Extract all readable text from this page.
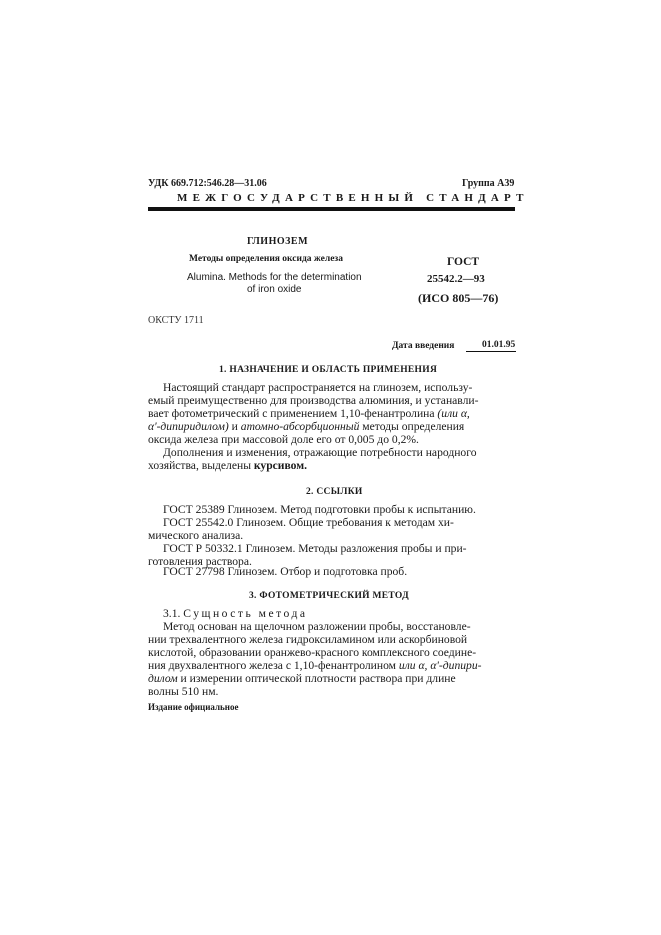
УДК 669.712:546.28—31.06	Группа А39
МЕЖГОСУДАРСТВЕННЫЙ СТАНДАРТ
ГЛИНОЗЕМ
Методы определения оксида железа
Alumina. Methods for the determination
of iron oxide
ГОСТ
25542.2—93
(ИСО 805—76)
ОКСТУ 1711
Дата введения	01.01.95
1. НАЗНАЧЕНИЕ И ОБЛАСТЬ ПРИМЕНЕНИЯ
Настоящий стандарт распространяется на глинозем, использу-
емый преимущественно для производства алюминия, и устанавли-
вает фотометрический с применением 1,10-фенантролина (или α,
α'-дипиридилом) и атомно-абсорбционный методы определения
оксида железа при массовой доле его от 0,005 до 0,2%.
Дополнения и изменения, отражающие потребности народного
хозяйства, выделены курсивом.
2. ССЫЛКИ
ГОСТ 25389 Глинозем. Метод подготовки пробы к испытанию.
ГОСТ 25542.0 Глинозем. Общие требования к методам хи-
мического анализа.
ГОСТ Р 50332.1 Глинозем. Методы разложения пробы и при-
готовления раствора.
ГОСТ 27798 Глинозем. Отбор и подготовка проб.
3. ФОТОМЕТРИЧЕСКИЙ МЕТОД
3.1. Сущность метода
Метод основан на щелочном разложении пробы, восстановле-
нии трехвалентного железа гидроксиламином или аскорбиновой
кислотой, образовании оранжево-красного комплексного соедине-
ния двухвалентного железа с 1,10-фенантролином или α, α'-дипири-
дилом и измерении оптической плотности раствора при длине
волны 510 нм.
Издание официальное
